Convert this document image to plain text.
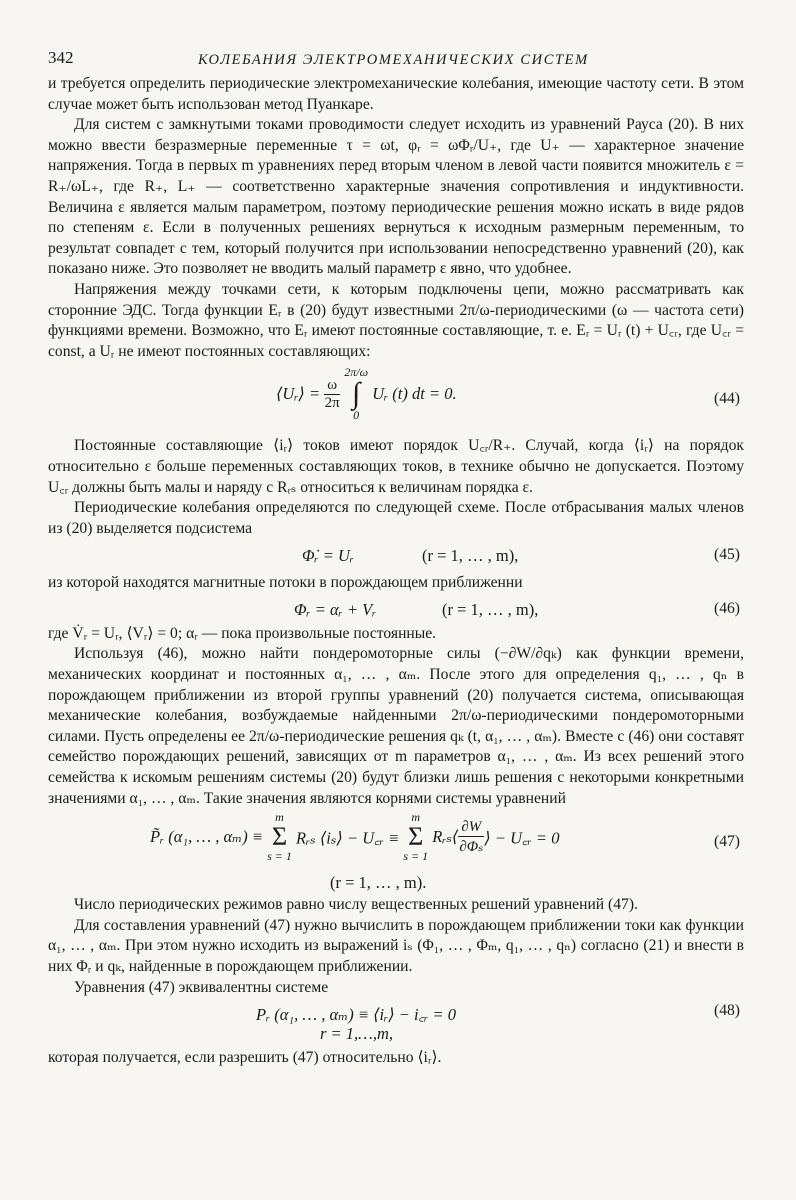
342	КОЛЕБАНИЯ ЭЛЕКТРОМЕХАНИЧЕСКИХ СИСТЕМ

и требуется определить периодические электромеханические колебания, имеющие частоту сети. В этом случае может быть использован метод Пуанкаре.

Для систем с замкнутыми токами проводимости следует исходить из уравнений Рауса (20). В них можно ввести безразмерные переменные τ = ωt, φᵣ = ωΦᵣ/U₊, где U₊ — характерное значение напряжения. Тогда в первых m уравнениях перед вторым членом в левой части появится множитель ε = R₊/ωL₊, где R₊, L₊ — соответственно характерные значения сопротивления и индуктивности. Величина ε является малым параметром, поэтому периодические решения можно искать в виде рядов по степеням ε. Если в полученных решениях вернуться к исходным размерным переменным, то результат совпадет с тем, который получится при использовании непосредственно уравнений (20), как показано ниже. Это позволяет не вводить малый параметр ε явно, что удобнее.

Напряжения между точками сети, к которым подключены цепи, можно рассматривать как сторонние ЭДС. Тогда функции Eᵣ в (20) будут известными 2π/ω-периодическими (ω — частота сети) функциями времени. Возможно, что Eᵣ имеют постоянные составляющие, т. е. Eᵣ = Uᵣ (t) + U꜀ᵣ, где U꜀ᵣ = const, а Uᵣ не имеют постоянных составляющих:

⟨Uᵣ⟩ = $\frac{\omega}{2\pi}$

2π/ω
∫
0
Uᵣ (t) dt = 0.	(44)

Постоянные составляющие ⟨iᵣ⟩ токов имеют порядок U꜀ᵣ/R₊. Случай, когда ⟨iᵣ⟩ на порядок относительно ε больше переменных составляющих токов, в технике обычно не допускается. Поэтому U꜀ᵣ должны быть малы и наряду с Rᵣₛ относиться к величинам порядка ε.

Периодические колебания определяются по следующей схеме. После отбрасывания малых членов из (20) выделяется подсистема

Φ̇ᵣ = Uᵣ	(r = 1, … , m),	(45)

из которой находятся магнитные потоки в порождающем приближенни

Φᵣ = αᵣ + Vᵣ	(r = 1, … , m),	(46)

где V̇ᵣ = Uᵣ, ⟨Vᵣ⟩ = 0; αᵣ — пока произвольные постоянные.

Используя (46), можно найти пондеромоторные силы (−∂W/∂qₖ) как функции времени, механических координат и постоянных α₁, … , αₘ. После этого для определения q₁, … , qₙ в порождающем приближении из второй группы уравнений (20) получается система, описывающая механические колебания, возбуждаемые найденными 2π/ω-периодическими пондеромоторными силами. Пусть определены ее 2π/ω-периодические решения qₖ (t, α₁, … , αₘ). Вместе с (46) они составят семейство порождающих решений, зависящих от m параметров α₁, … , αₘ. Из всех решений этого семейства к искомым решениям системы (20) будут близки лишь решения с некоторыми конкретными значениями α₁, … , αₘ. Такие значения являются корнями системы уравнений

P̃ᵣ (α₁, … , αₘ) ≡
m
Σ
s = 1
Rᵣₛ ⟨iₛ⟩ − U꜀ᵣ ≡
m
Σ
s = 1
Rᵣₛ⟨ $\frac{\partial W}{\text{∂Φₛ}}$ ⟩ − U꜀ᵣ = 0	(47)
(r = 1, … , m).

Число периодических режимов равно числу вещественных решений уравнений (47).

Для составления уравнений (47) нужно вычислить в порождающем приближении токи как функции α₁, … , αₘ. При этом нужно исходить из выражений iₛ (Φ₁, … , Φₘ, q₁, … , qₙ) согласно (21) и внести в них Φᵣ и qₖ, найденные в порождающем приближении.

Уравнения (47) эквивалентны системе

Pᵣ (α₁, … , αₘ) ≡ ⟨iᵣ⟩ − i꜀ᵣ = 0	(48)
r = 1,…,m,

которая получается, если разрешить (47) относительно ⟨iᵣ⟩.
